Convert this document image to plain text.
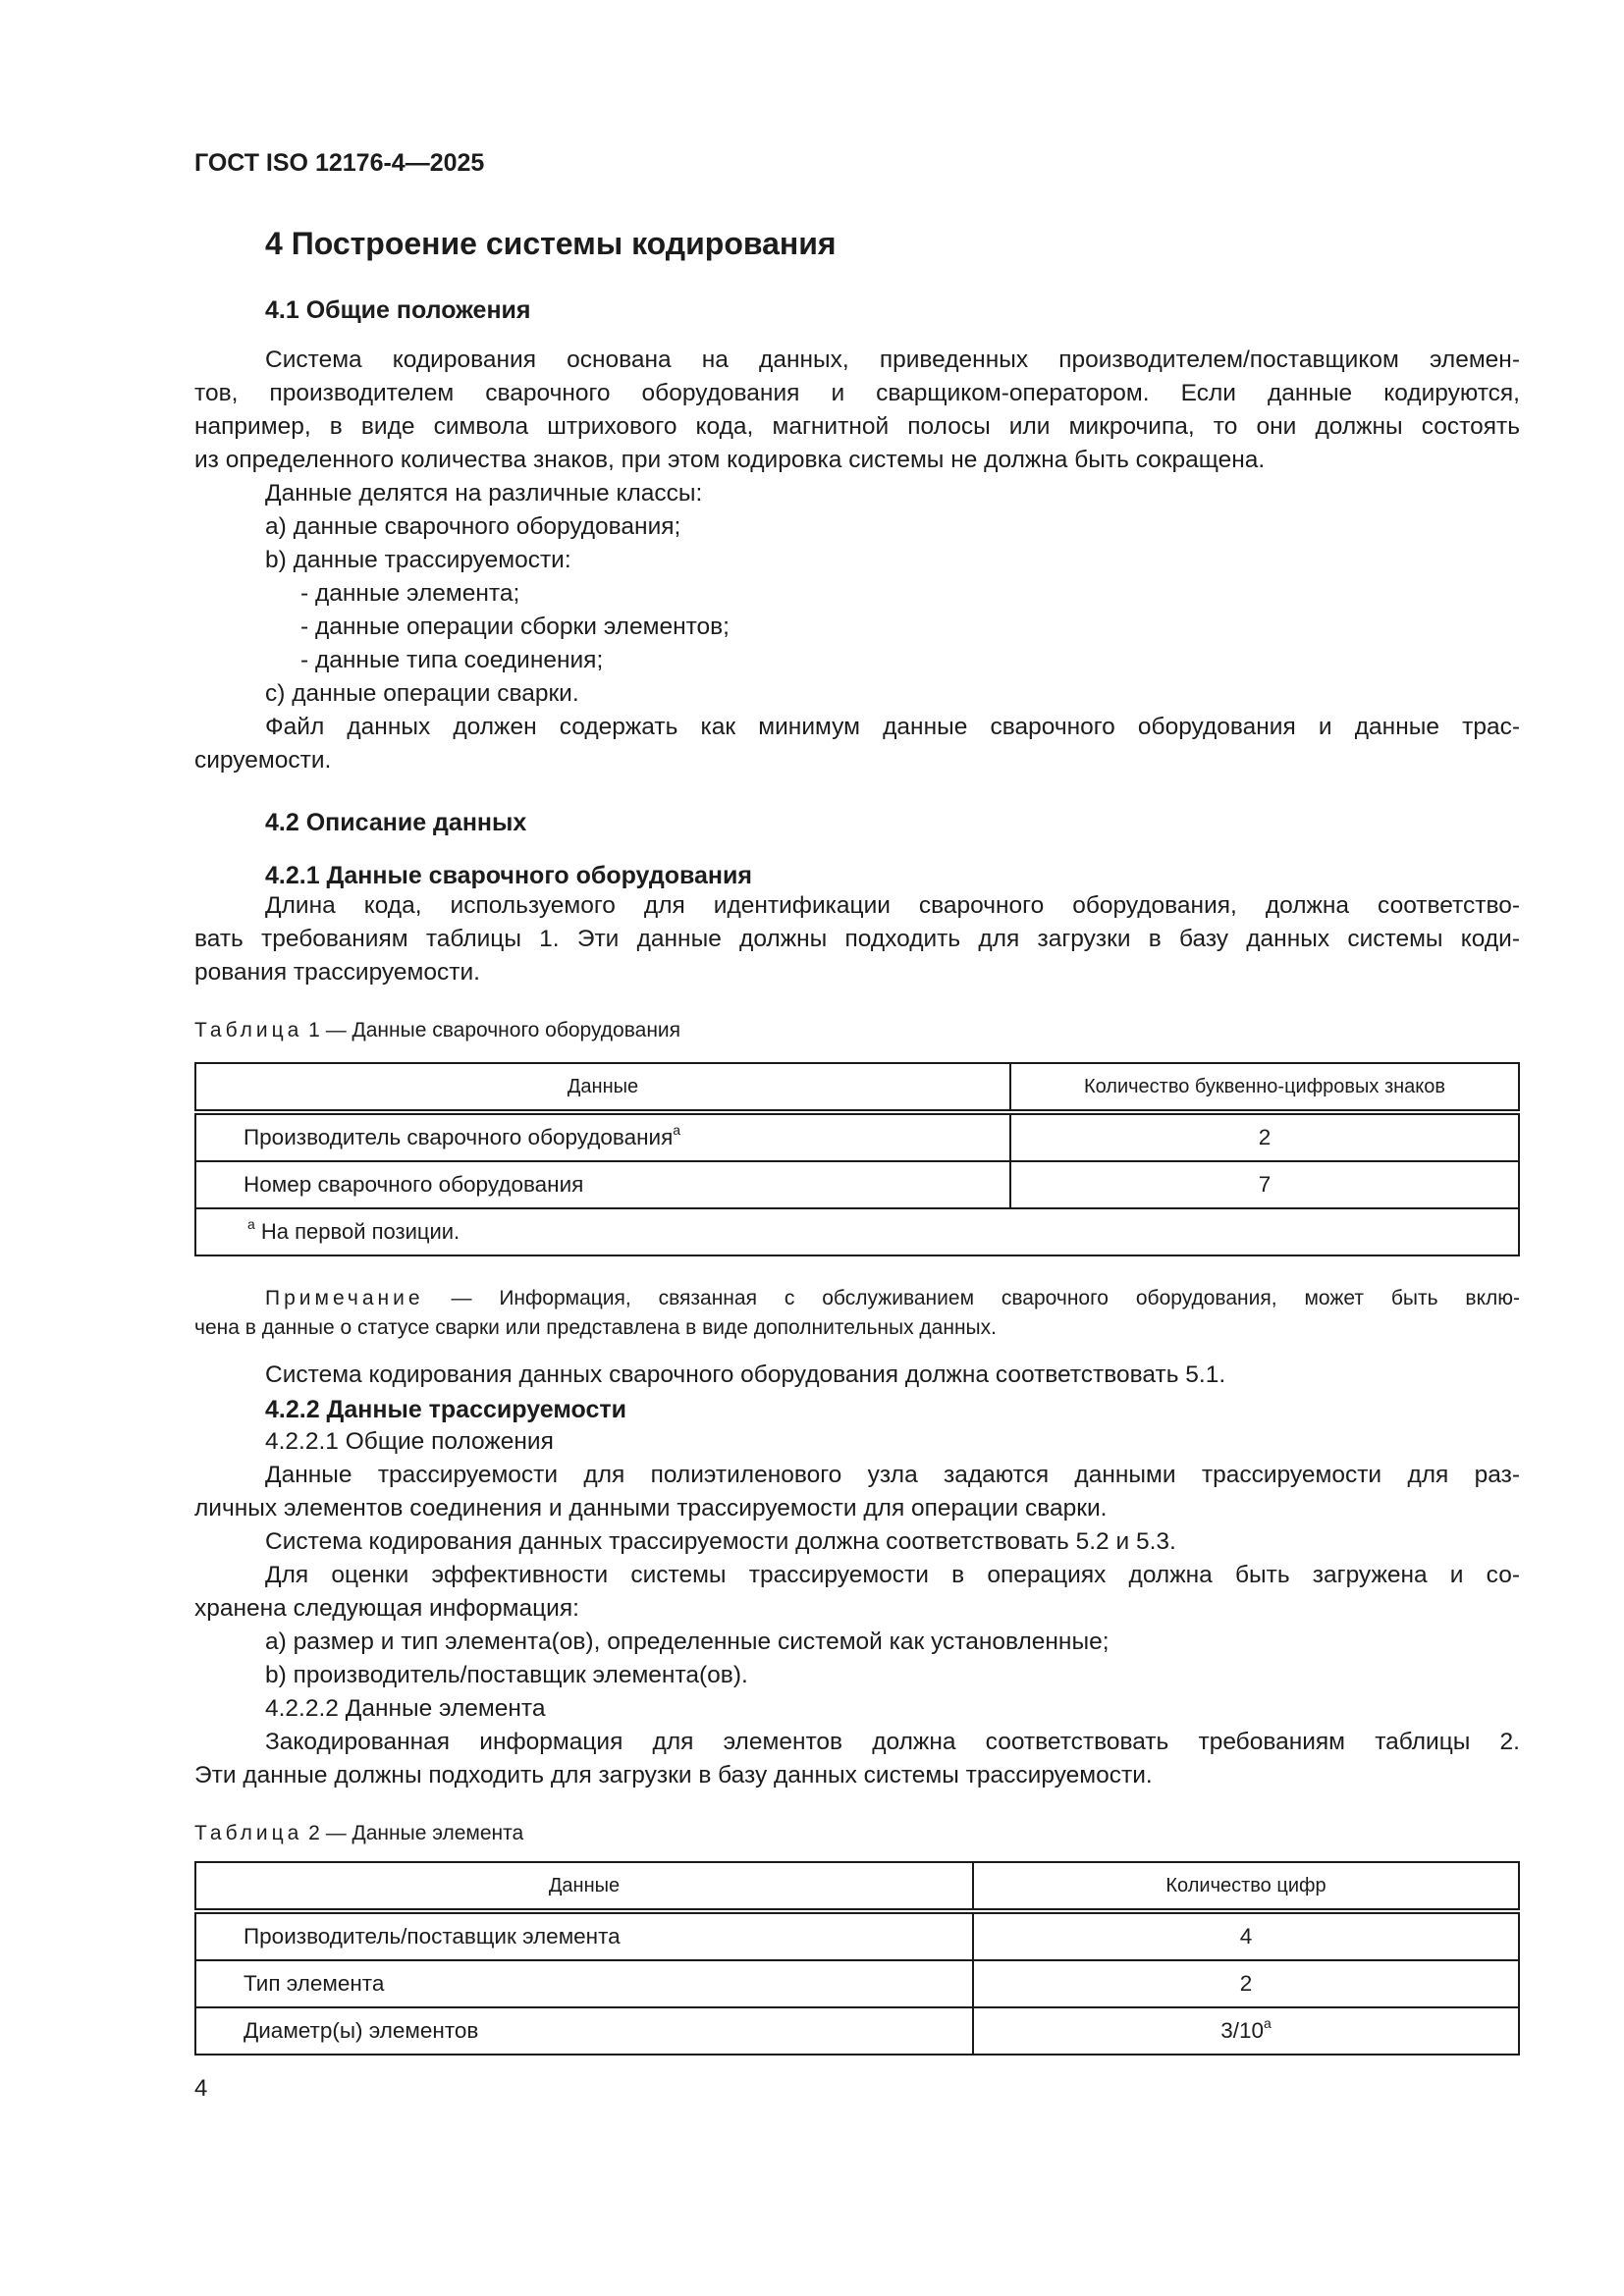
ГОСТ ISO 12176-4—2025
4 Построение системы кодирования
4.1 Общие положения
Система кодирования основана на данных, приведенных производителем/поставщиком элемен-
тов, производителем сварочного оборудования и сварщиком-оператором. Если данные кодируются,
например, в виде символа штрихового кода, магнитной полосы или микрочипа, то они должны состоять
из определенного количества знаков, при этом кодировка системы не должна быть сокращена.
Данные делятся на различные классы:
a) данные сварочного оборудования;
b) данные трассируемости:
- данные элемента;
- данные операции сборки элементов;
- данные типа соединения;
c) данные операции сварки.
Файл данных должен содержать как минимум данные сварочного оборудования и данные трас-
сируемости.
4.2 Описание данных
4.2.1 Данные сварочного оборудования
Длина кода, используемого для идентификации сварочного оборудования, должна соответство-
вать требованиям таблицы 1. Эти данные должны подходить для загрузки в базу данных системы коди-
рования трассируемости.
Таблица 1 — Данные сварочного оборудования
Данные	Количество буквенно-цифровых знаков
Производитель сварочного оборудования$^a$	2
Номер сварочного оборудования	7
$^a$ На первой позиции.	
Примечание — Информация, связанная с обслуживанием сварочного оборудования, может быть вклю-
чена в данные о статусе сварки или представлена в виде дополнительных данных.
Система кодирования данных сварочного оборудования должна соответствовать 5.1.
4.2.2 Данные трассируемости
4.2.2.1 Общие положения
Данные трассируемости для полиэтиленового узла задаются данными трассируемости для раз-
личных элементов соединения и данными трассируемости для операции сварки.
Система кодирования данных трассируемости должна соответствовать 5.2 и 5.3.
Для оценки эффективности системы трассируемости в операциях должна быть загружена и со-
хранена следующая информация:
a) размер и тип элемента(ов), определенные системой как установленные;
b) производитель/поставщик элемента(ов).
4.2.2.2 Данные элемента
Закодированная информация для элементов должна соответствовать требованиям таблицы 2.
Эти данные должны подходить для загрузки в базу данных системы трассируемости.
Таблица 2 — Данные элемента
Данные	Количество цифр
Производитель/поставщик элемента	4
Тип элемента	2
Диаметр(ы) элементов	3/10$^a$
4
